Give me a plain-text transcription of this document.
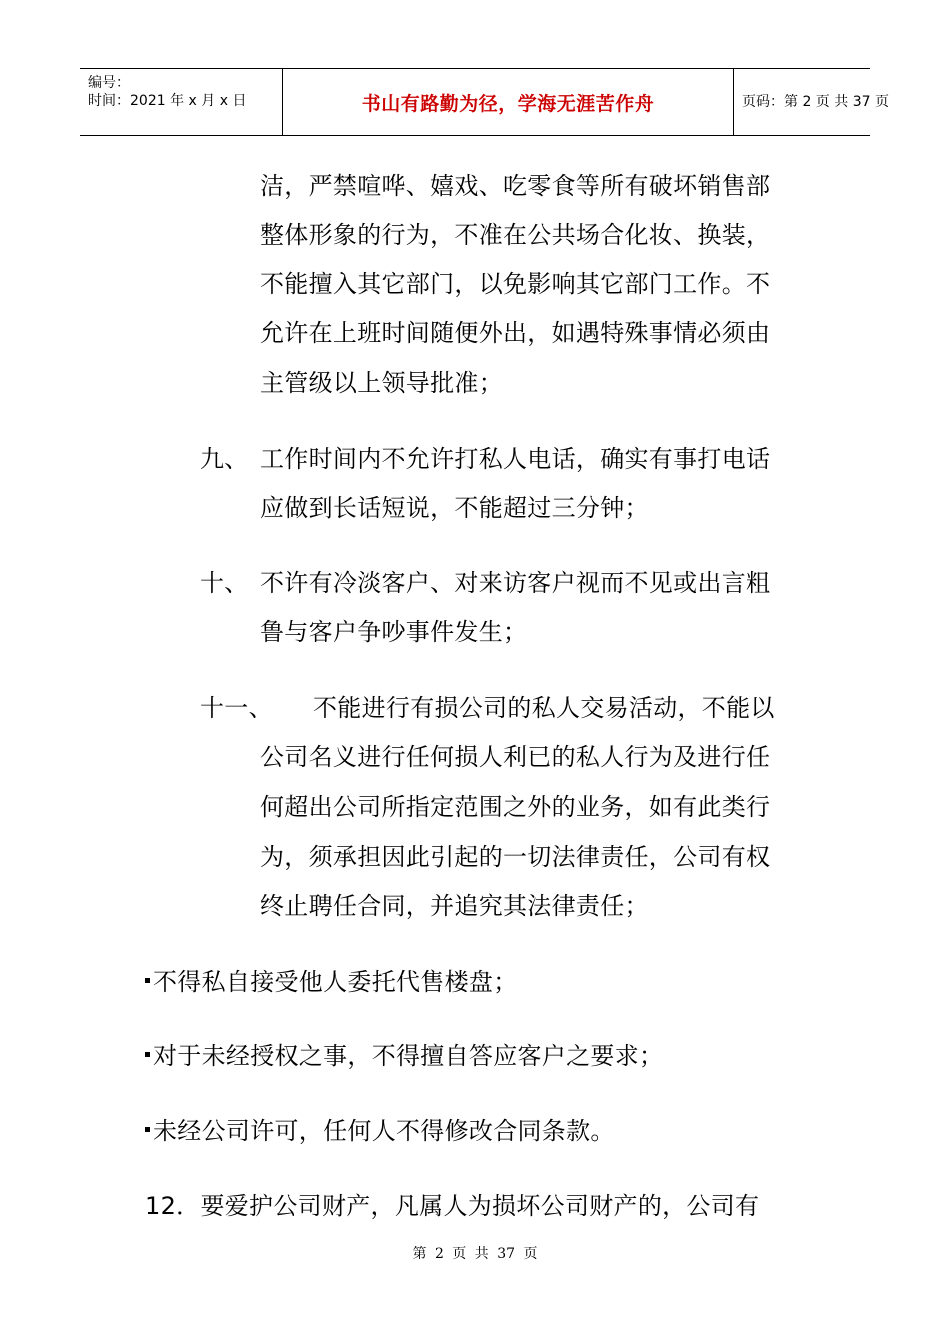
编号：
时间：2021 年 x 月 x 日	书山有路勤为径，学海无涯苦作舟	页码：第 2 页 共 37 页
洁，严禁喧哗、嬉戏、吃零食等所有破坏销售部
整体形象的行为，不准在公共场合化妆、换装，
不能擅入其它部门，以免影响其它部门工作。不
允许在上班时间随便外出，如遇特殊事情必须由
主管级以上领导批准；
九、 工作时间内不允许打私人电话，确实有事打电话
应做到长话短说，不能超过三分钟；
十、 不许有冷淡客户、对来访客户视而不见或出言粗
鲁与客户争吵事件发生；
十一、 不能进行有损公司的私人交易活动，不能以
公司名义进行任何损人利已的私人行为及进行任
何超出公司所指定范围之外的业务，如有此类行
为，须承担因此引起的一切法律责任，公司有权
终止聘任合同，并追究其法律责任；
不得私自接受他人委托代售楼盘；
对于未经授权之事，不得擅自答应客户之要求；
未经公司许可，任何人不得修改合同条款。
12．要爱护公司财产，凡属人为损坏公司财产的，公司有
第 2 页 共 37 页
